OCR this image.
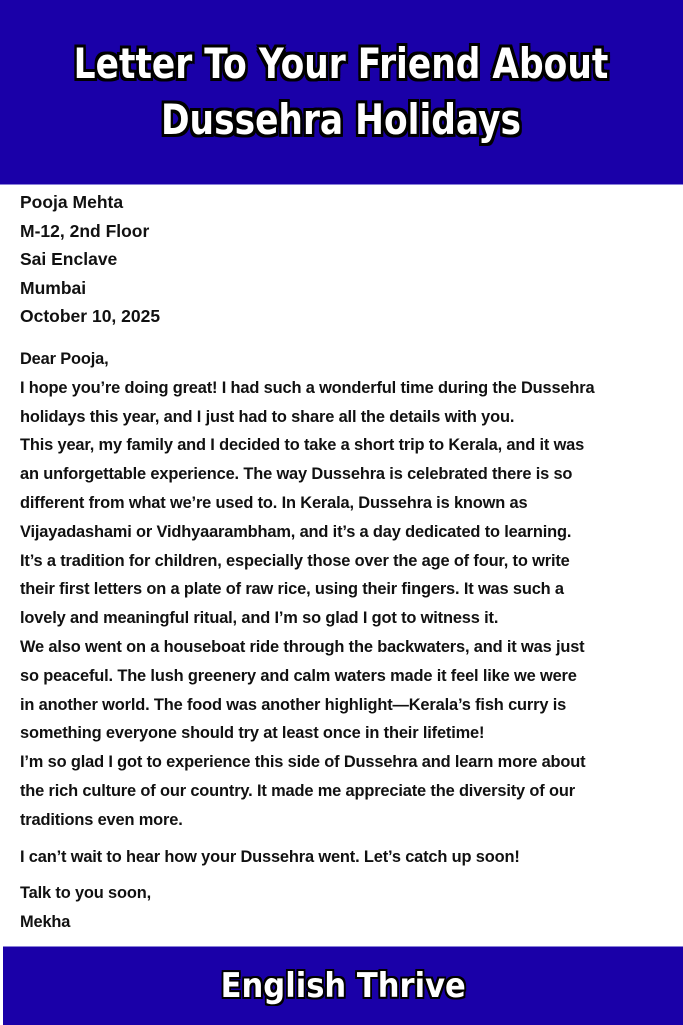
Letter To Your Friend About
Dussehra Holidays
Pooja Mehta
M-12, 2nd Floor
Sai Enclave
Mumbai
October 10, 2025
Dear Pooja,
I hope you’re doing great! I had such a wonderful time during the Dussehra
holidays this year, and I just had to share all the details with you.
This year, my family and I decided to take a short trip to Kerala, and it was
an unforgettable experience. The way Dussehra is celebrated there is so
different from what we’re used to. In Kerala, Dussehra is known as
Vijayadashami or Vidhyaarambham, and it’s a day dedicated to learning.
It’s a tradition for children, especially those over the age of four, to write
their first letters on a plate of raw rice, using their fingers. It was such a
lovely and meaningful ritual, and I’m so glad I got to witness it.
We also went on a houseboat ride through the backwaters, and it was just
so peaceful. The lush greenery and calm waters made it feel like we were
in another world. The food was another highlight—Kerala’s fish curry is
something everyone should try at least once in their lifetime!
I’m so glad I got to experience this side of Dussehra and learn more about
the rich culture of our country. It made me appreciate the diversity of our
traditions even more.
I can’t wait to hear how your Dussehra went. Let’s catch up soon!
Talk to you soon,
Mekha
English Thrive
